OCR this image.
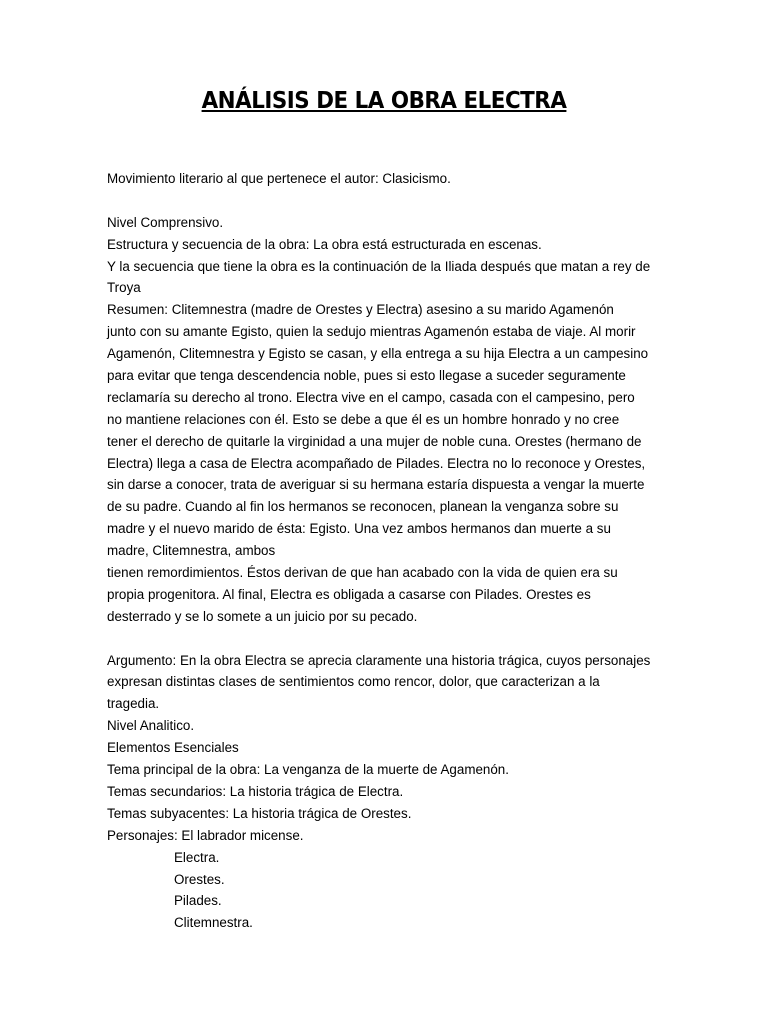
ANÁLISIS DE LA OBRA ELECTRA
Movimiento literario al que pertenece el autor: Clasicismo.
Nivel Comprensivo.
Estructura y secuencia de la obra: La obra está estructurada en escenas.
Y la secuencia que tiene la obra es la continuación de la Iliada después que matan a rey de
Troya
Resumen: Clitemnestra (madre de Orestes y Electra) asesino a su marido Agamenón
junto con su amante Egisto, quien la sedujo mientras Agamenón estaba de viaje. Al morir
Agamenón, Clitemnestra y Egisto se casan, y ella entrega a su hija Electra a un campesino
para evitar que tenga descendencia noble, pues si esto llegase a suceder seguramente
reclamaría su derecho al trono. Electra vive en el campo, casada con el campesino, pero
no mantiene relaciones con él. Esto se debe a que él es un hombre honrado y no cree
tener el derecho de quitarle la virginidad a una mujer de noble cuna. Orestes (hermano de
Electra) llega a casa de Electra acompañado de Pilades. Electra no lo reconoce y Orestes,
sin darse a conocer, trata de averiguar si su hermana estaría dispuesta a vengar la muerte
de su padre. Cuando al fin los hermanos se reconocen, planean la venganza sobre su
madre y el nuevo marido de ésta: Egisto. Una vez ambos hermanos dan muerte a su
madre, Clitemnestra, ambos
tienen remordimientos. Éstos derivan de que han acabado con la vida de quien era su
propia progenitora. Al final, Electra es obligada a casarse con Pilades. Orestes es
desterrado y se lo somete a un juicio por su pecado.
Argumento: En la obra Electra se aprecia claramente una historia trágica, cuyos personajes
expresan distintas clases de sentimientos como rencor, dolor, que caracterizan a la
tragedia.
Nivel Analitico.
Elementos Esenciales
Tema principal de la obra: La venganza de la muerte de Agamenón.
Temas secundarios: La historia trágica de Electra.
Temas subyacentes: La historia trágica de Orestes.
Personajes: El labrador micense.
Electra.
Orestes.
Pilades.
Clitemnestra.
